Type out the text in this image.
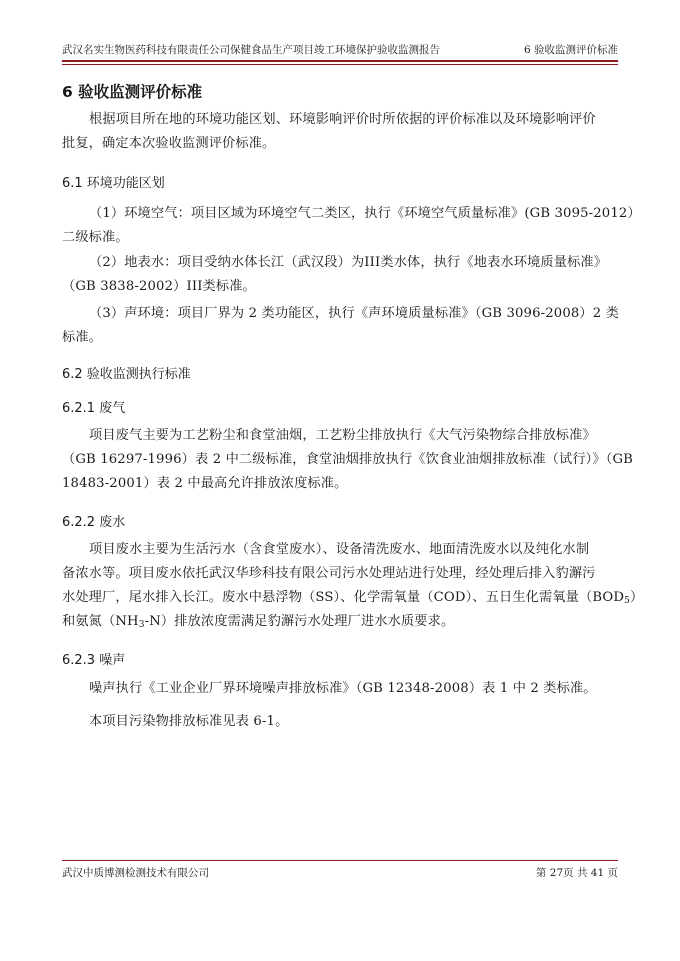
武汉名实生物医药科技有限责任公司保健食品生产项目竣工环境保护验收监测报告	6 验收监测评价标准
6 验收监测评价标准
根据项目所在地的环境功能区划、环境影响评价时所依据的评价标准以及环境影响评价
批复，确定本次验收监测评价标准。
6.1 环境功能区划
（1）环境空气：项目区域为环境空气二类区，执行《环境空气质量标准》(GB 3095-2012）
二级标准。
（2）地表水：项目受纳水体长江（武汉段）为III类水体，执行《地表水环境质量标准》
（GB 3838-2002）III类标准。
（3）声环境：项目厂界为 2 类功能区，执行《声环境质量标准》（GB 3096-2008）2 类
标准。
6.2 验收监测执行标准
6.2.1 废气
项目废气主要为工艺粉尘和食堂油烟，工艺粉尘排放执行《大气污染物综合排放标准》
（GB 16297-1996）表 2 中二级标准，食堂油烟排放执行《饮食业油烟排放标准（试行）》（GB
18483-2001）表 2 中最高允许排放浓度标准。
6.2.2 废水
项目废水主要为生活污水（含食堂废水）、设备清洗废水、地面清洗废水以及纯化水制
备浓水等。项目废水依托武汉华珍科技有限公司污水处理站进行处理，经处理后排入豹澥污
水处理厂，尾水排入长江。废水中悬浮物（SS）、化学需氧量（COD）、五日生化需氧量$(BOD_5)$
和氨氮$(NH_3-N)$排放浓度需满足豹澥污水处理厂进水水质要求。
6.2.3 噪声
噪声执行《工业企业厂界环境噪声排放标准》（GB 12348-2008）表 1 中 2 类标准。
本项目污染物排放标准见表 6-1。
武汉中质博测检测技术有限公司	第 27页 共 41 页
